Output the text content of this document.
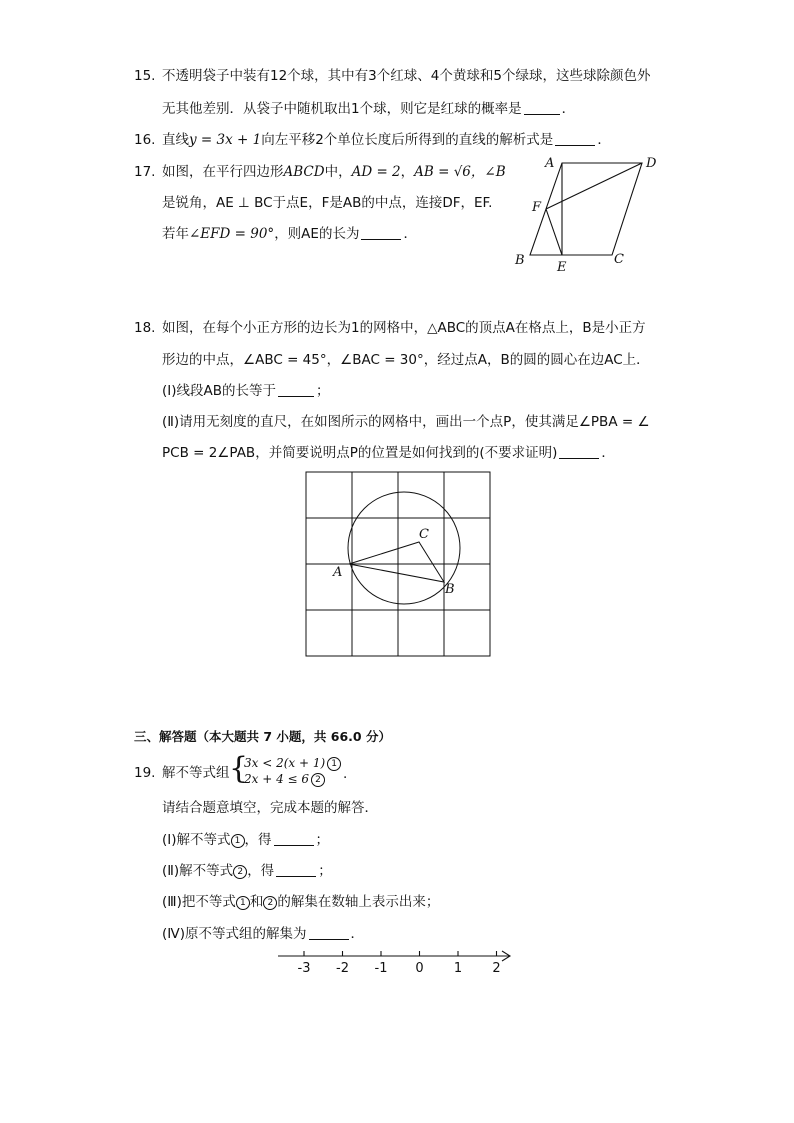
15. 不透明袋子中装有12个球，其中有3个红球、4个黄球和5个绿球，这些球除颜色外
无其他差别．从袋子中随机取出1个球，则它是红球的概率是	．
16. 直线y = 3x + 1向左平移2个单位长度后所得到的直线的解析式是	．
17. 如图，在平行四边形ABCD中，AD = 2，AB = √6，∠B
是锐角，AE ⊥ BC于点E，F是AB的中点，连接DF，EF.
若年∠EFD = 90°，则AE的长为	．
A	D
F
B E
C
18. 如图，在每个小正方形的边长为1的网格中，△ABC的顶点A在格点上，B是小正方
形边的中点，∠ABC = 45°，∠BAC = 30°，经过点A，B的圆的圆心在边AC上．
(Ⅰ)线段AB的长等于	；
(Ⅱ)请用无刻度的直尺，在如图所示的网格中，画出一个点P，使其满足∠PBA = ∠
PCB = 2∠PAB，并简要说明点P的位置是如何找到的(不要求证明)	．
A
B
C
三、解答题（本大题共 7 小题，共 66.0 分）
19. 解不等式组 {
3x < 2(x + 1) 1
2x + 4 ≤ 6 2	.
请结合题意填空，完成本题的解答．
(Ⅰ)解不等式 1 ，得	；
(Ⅱ)解不等式 2 ，得	；
(Ⅲ)把不等式 1 和 2 的解集在数轴上表示出来；
(Ⅳ)原不等式组的解集为	．
-3 -2 -1 0 1 2
